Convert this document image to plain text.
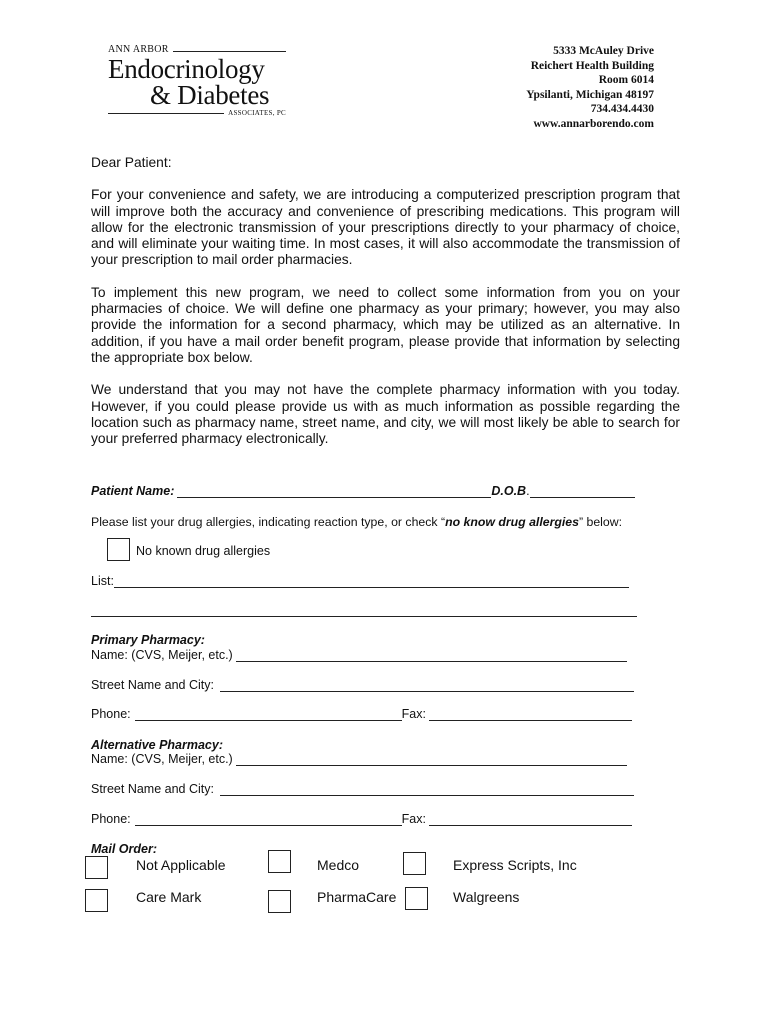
ANN ARBOR
Endocrinology
& Diabetes
ASSOCIATES, PC
5333 McAuley Drive
Reichert Health Building
Room 6014
Ypsilanti, Michigan 48197
734.434.4430
www.annarborendo.com
Dear Patient:

For your convenience and safety, we are introducing a computerized prescription program that will improve both the accuracy and convenience of prescribing medications. This program will allow for the electronic transmission of your prescriptions directly to your pharmacy of choice, and will eliminate your waiting time. In most cases, it will also accommodate the transmission of your prescription to mail order pharmacies.

To implement this new program, we need to collect some information from you on your pharmacies of choice. We will define one pharmacy as your primary; however, you may also provide the information for a second pharmacy, which may be utilized as an alternative. In addition, if you have a mail order benefit program, please provide that information by selecting the appropriate box below.

We understand that you may not have the complete pharmacy information with you today. However, if you could please provide us with as much information as possible regarding the location such as pharmacy name, street name, and city, we will most likely be able to search for your preferred pharmacy electronically.

Patient Name:	D.O.B .
Please list your drug allergies, indicating reaction type, or check “ no know drug allergies ” below:
No known drug allergies
List:
Primary Pharmacy:
Name: (CVS, Meijer, etc.)
Street Name and City:
Phone:	Fax:
Alternative Pharmacy:
Name: (CVS, Meijer, etc.)
Street Name and City:
Phone:	Fax:
Mail Order:
Not Applicable	Medco	Express Scripts, Inc
Care Mark	PharmaCare	Walgreens
